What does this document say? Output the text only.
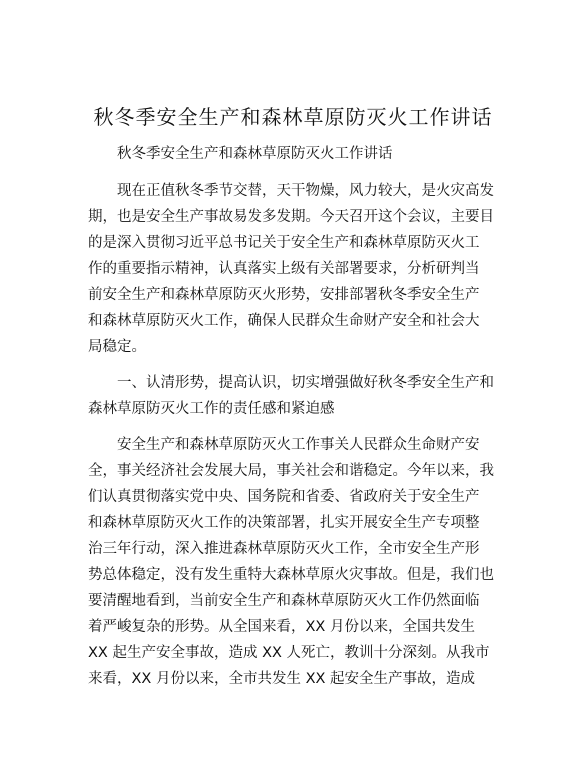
秋冬季安全生产和森林草原防灭火工作讲话
秋冬季安全生产和森林草原防灭火工作讲话

现在正值秋冬季节交替，天干物燥，风力较大，是火灾高发
期，也是安全生产事故易发多发期。今天召开这个会议，主要目
的是深入贯彻习近平总书记关于安全生产和森林草原防灭火工
作的重要指示精神，认真落实上级有关部署要求，分析研判当
前安全生产和森林草原防灭火形势，安排部署秋冬季安全生产
和森林草原防灭火工作，确保人民群众生命财产安全和社会大
局稳定。

一、认清形势，提高认识，切实增强做好秋冬季安全生产和
森林草原防灭火工作的责任感和紧迫感

安全生产和森林草原防灭火工作事关人民群众生命财产安
全，事关经济社会发展大局，事关社会和谐稳定。今年以来，我
们认真贯彻落实党中央、国务院和省委、省政府关于安全生产
和森林草原防灭火工作的决策部署，扎实开展安全生产专项整
治三年行动，深入推进森林草原防灭火工作，全市安全生产形
势总体稳定，没有发生重特大森林草原火灾事故。但是，我们也
要清醒地看到，当前安全生产和森林草原防灭火工作仍然面临
着严峻复杂的形势。从全国来看，XX 月份以来，全国共发生
XX 起生产安全事故，造成 XX 人死亡，教训十分深刻。从我市
来看，XX 月份以来，全市共发生 XX 起安全生产事故，造成
